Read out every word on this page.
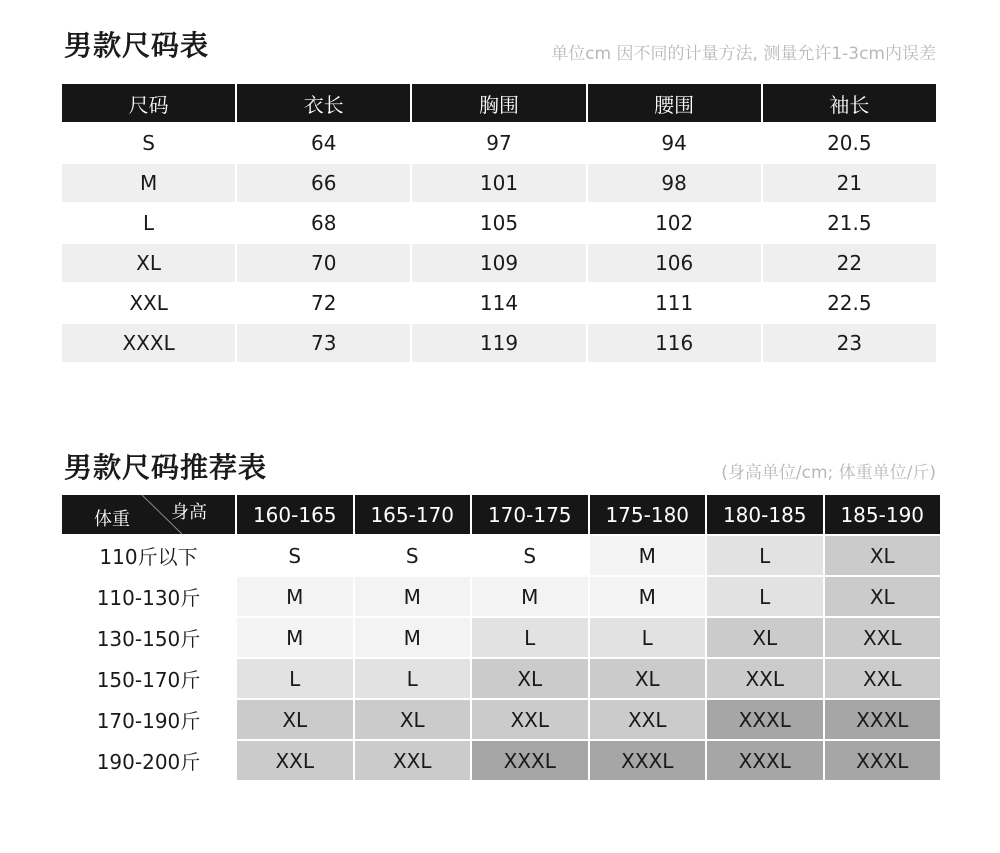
男款尺码表	单位cm 因不同的计量方法, 测量允许1-3cm内误差
尺码	衣长	胸围	腰围	袖长
S	64	97	94	20.5
M	66	101	98	21
L	68	105	102	21.5
XL	70	109	106	22
XXL	72	114	111	22.5
XXXL	73	119	116	23
男款尺码推荐表	(身高单位/cm; 体重单位/斤)
体重 身高	160-165	165-170	170-175	175-180	180-185	185-190
110斤以下	S	S	S	M	L	XL
110-130斤	M	M	M	M	L	XL
130-150斤	M	M	L	L	XL	XXL
150-170斤	L	L	XL	XL	XXL	XXL
170-190斤	XL	XL	XXL	XXL	XXXL	XXXL
190-200斤	XXL	XXL	XXXL	XXXL	XXXL	XXXL
